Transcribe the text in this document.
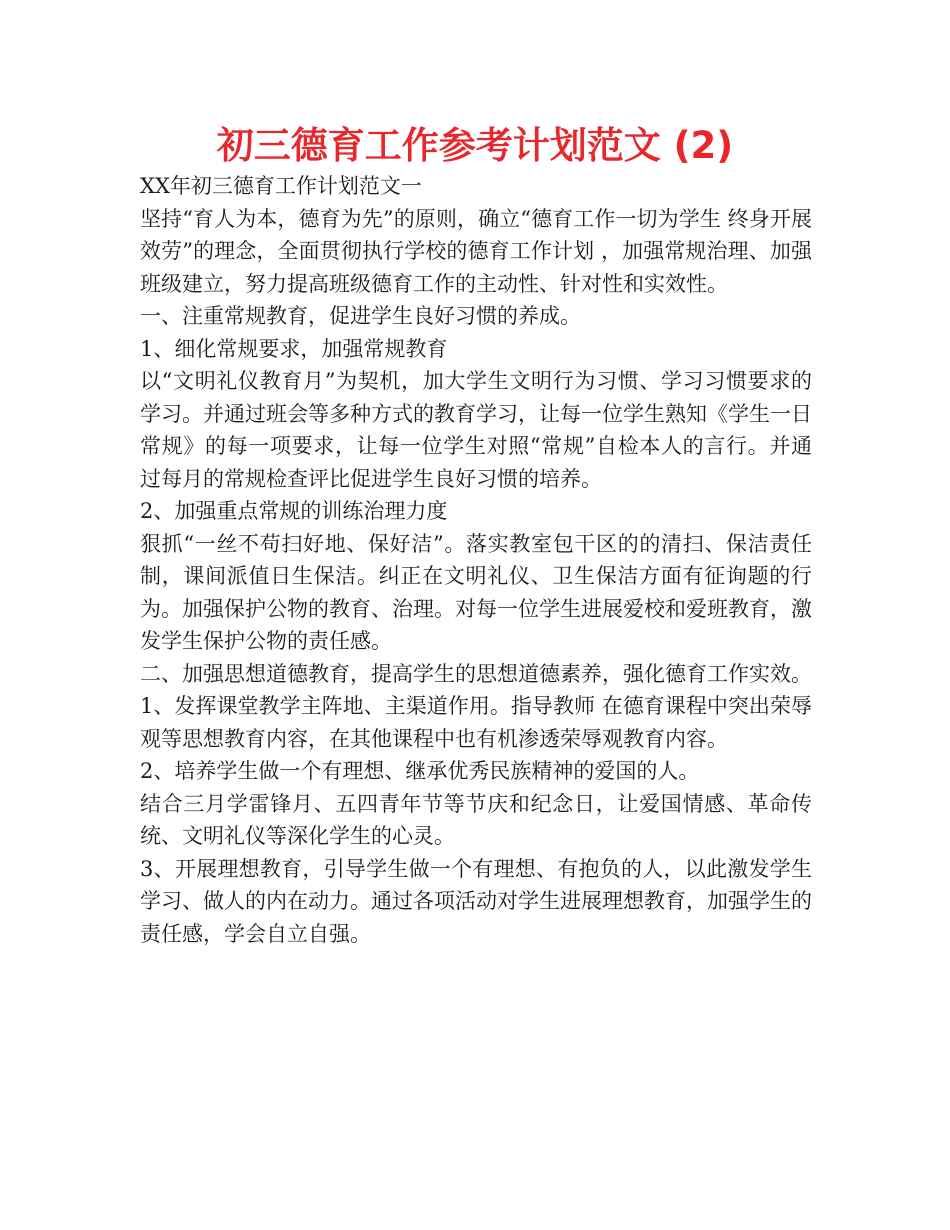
初三德育工作参考计划范文 (2)

XX年初三德育工作计划范文一

坚持“育人为本，德育为先”的原则，确立“德育工作一切为学生 终身开展效劳”的理念，全面贯彻执行学校的德育工作计划 ，加强常规治理、加强班级建立，努力提高班级德育工作的主动性、针对性和实效性。

一、注重常规教育，促进学生良好习惯的养成。

1、细化常规要求，加强常规教育

以“文明礼仪教育月”为契机，加大学生文明行为习惯、学习习惯要求的学习。并通过班会等多种方式的教育学习，让每一位学生熟知《学生一日常规》的每一项要求，让每一位学生对照“常规”自检本人的言行。并通过每月的常规检查评比促进学生良好习惯的培养。

2、加强重点常规的训练治理力度

狠抓“一丝不苟扫好地、保好洁”。落实教室包干区的的清扫、保洁责任制，课间派值日生保洁。纠正在文明礼仪、卫生保洁方面有征询题的行为。加强保护公物的教育、治理。对每一位学生进展爱校和爱班教育，激发学生保护公物的责任感。

二、加强思想道德教育，提高学生的思想道德素养，强化德育工作实效。

1、发挥课堂教学主阵地、主渠道作用。指导教师 在德育课程中突出荣辱观等思想教育内容，在其他课程中也有机渗透荣辱观教育内容。

2、培养学生做一个有理想、继承优秀民族精神的爱国的人。

结合三月学雷锋月、五四青年节等节庆和纪念日，让爱国情感、革命传统、文明礼仪等深化学生的心灵。

3、开展理想教育，引导学生做一个有理想、有抱负的人，以此激发学生学习、做人的内在动力。通过各项活动对学生进展理想教育，加强学生的责任感，学会自立自强。
